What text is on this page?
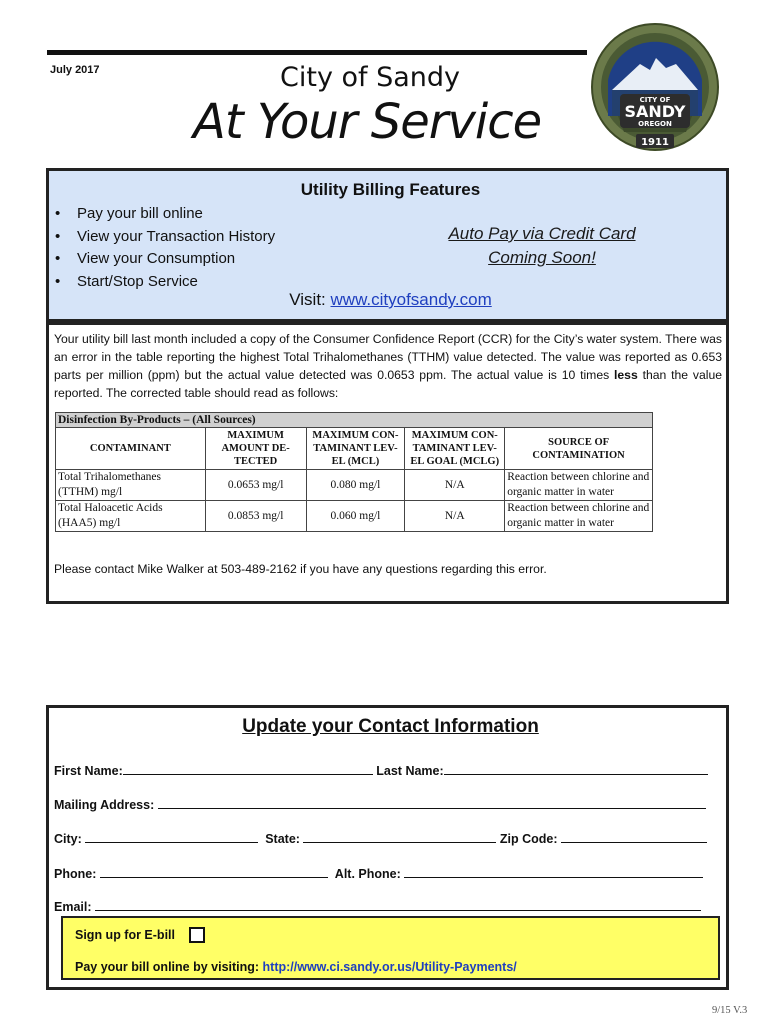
July 2017	City of Sandy
At Your Service	CITY OF
SANDY
OREGON
1911
Utility Billing Features
• Pay your bill online
• View your Transaction History
• View your Consumption
• Start/Stop Service
Auto Pay via Credit Card
Coming Soon!
Visit: www.cityofsandy.com

Your utility bill last month included a copy of the Consumer Confidence Report (CCR) for the City’s water system. There was an error in the table reporting the highest Total Trihalomethanes (TTHM) value detected. The value was reported as 0.653 parts per million (ppm) but the actual value detected was 0.0653 ppm. The actual value is 10 times less than the value reported. The corrected table should read as follows:

Disinfection By-Products – (All Sources)				
CONTAMINANT	MAXIMUM AMOUNT DE-TECTED	MAXIMUM CON-TAMINANT LEV-EL (MCL)	MAXIMUM CON-TAMINANT LEV-EL GOAL (MCLG)	SOURCE OF CONTAMINATION
Total Trihalomethanes (TTHM) mg/l	0.0653 mg/l	0.080 mg/l	N/A	Reaction between chlorine and organic matter in water
Total Haloacetic Acids (HAA5) mg/l	0.0853 mg/l	0.060 mg/l	N/A	Reaction between chlorine and organic matter in water
Please contact Mike Walker at 503-489-2162 if you have any questions regarding this error.
Update your Contact Information
First Name:	Last Name:
Mailing Address:
City:	State:	Zip Code:
Phone:	Alt. Phone:
Email:
Sign up for E-bill
Pay your bill online by visiting: http://www.ci.sandy.or.us/Utility-Payments/
9/15 V.3
